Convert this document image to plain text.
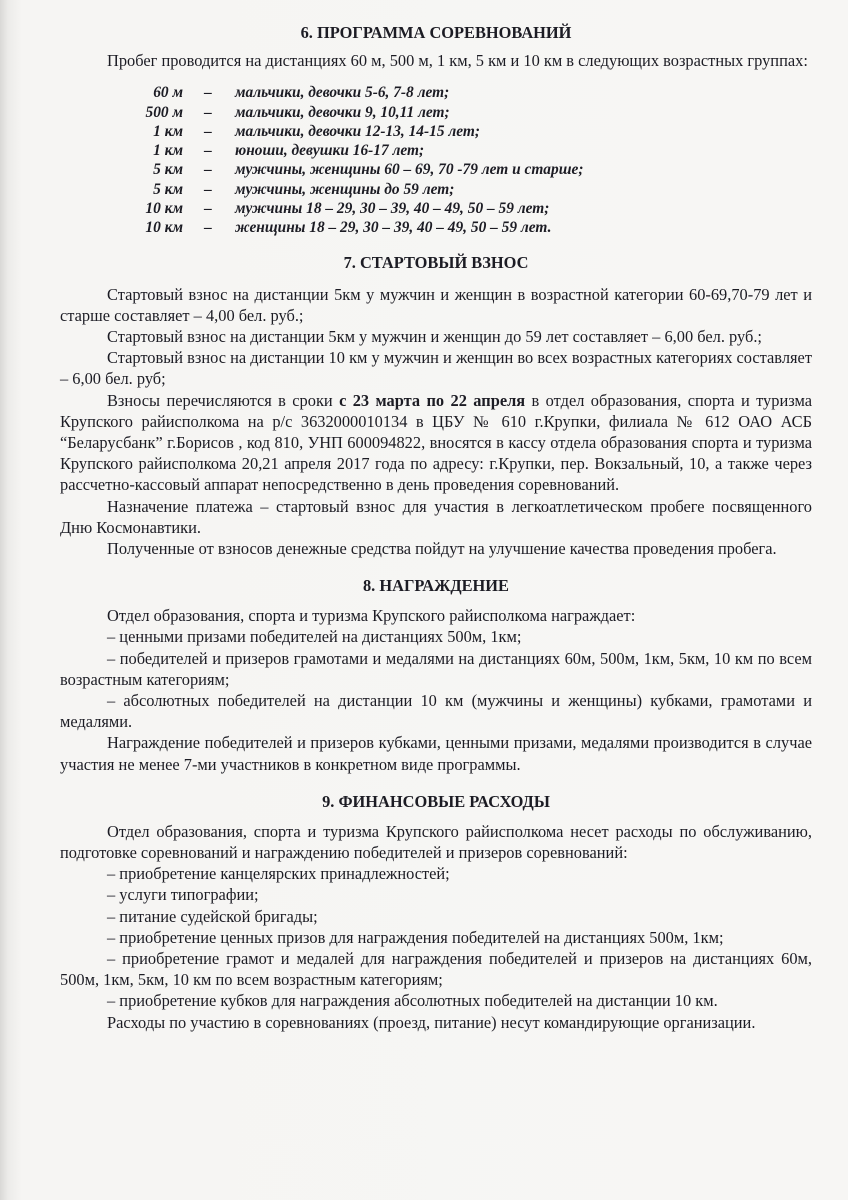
6. ПРОГРАММА СОРЕВНОВАНИЙ

Пробег проводится на дистанциях 60 м, 500 м, 1 км, 5 км и 10 км в следующих возрастных группах:

60 м	–	мальчики, девочки 5-6, 7-8 лет;
500 м	–	мальчики, девочки 9, 10,11 лет;
1 км	–	мальчики, девочки 12-13, 14-15 лет;
1 км	–	юноши, девушки 16-17 лет;
5 км	–	мужчины, женщины 60 – 69, 70 -79 лет и старше;
5 км	–	мужчины, женщины до 59 лет;
10 км	–	мужчины 18 – 29, 30 – 39, 40 – 49, 50 – 59 лет;
10 км	–	женщины 18 – 29, 30 – 39, 40 – 49, 50 – 59 лет.
7. СТАРТОВЫЙ ВЗНОС

Стартовый взнос на дистанции 5км у мужчин и женщин в возрастной категории 60-69,70-79 лет и старше составляет – 4,00 бел. руб.;

Стартовый взнос на дистанции 5км у мужчин и женщин до 59 лет составляет – 6,00 бел. руб.;

Стартовый взнос на дистанции 10 км у мужчин и женщин во всех возрастных категориях составляет – 6,00 бел. руб;

Взносы перечисляются в сроки с 23 марта по 22 апреля в отдел образования, спорта и туризма Крупского райисполкома на р/с 3632000010134 в ЦБУ № 610 г.Крупки, филиала № 612 ОАО АСБ “Беларусбанк” г.Борисов , код 810, УНП 600094822, вносятся в кассу отдела образования спорта и туризма Крупского райисполкома 20,21 апреля 2017 года по адресу: г.Крупки, пер. Вокзальный, 10, а также через рассчетно-кассовый аппарат непосредственно в день проведения соревнований.

Назначение платежа – стартовый взнос для участия в легкоатлетическом пробеге посвященного Дню Космонавтики.

Полученные от взносов денежные средства пойдут на улучшение качества проведения пробега.

8. НАГРАЖДЕНИЕ

Отдел образования, спорта и туризма Крупского райисполкома награждает:

– ценными призами победителей на дистанциях 500м, 1км;

– победителей и призеров грамотами и медалями на дистанциях 60м, 500м, 1км, 5км, 10 км по всем возрастным категориям;

– абсолютных победителей на дистанции 10 км (мужчины и женщины) кубками, грамотами и медалями.

Награждение победителей и призеров кубками, ценными призами, медалями производится в случае участия не менее 7-ми участников в конкретном виде программы.

9. ФИНАНСОВЫЕ РАСХОДЫ

Отдел образования, спорта и туризма Крупского райисполкома несет расходы по обслуживанию, подготовке соревнований и награждению победителей и призеров соревнований:

– приобретение канцелярских принадлежностей;

– услуги типографии;

– питание судейской бригады;

– приобретение ценных призов для награждения победителей на дистанциях 500м, 1км;

– приобретение грамот и медалей для награждения победителей и призеров на дистанциях 60м, 500м, 1км, 5км, 10 км по всем возрастным категориям;

– приобретение кубков для награждения абсолютных победителей на дистанции 10 км.

Расходы по участию в соревнованиях (проезд, питание) несут командирующие организации.
